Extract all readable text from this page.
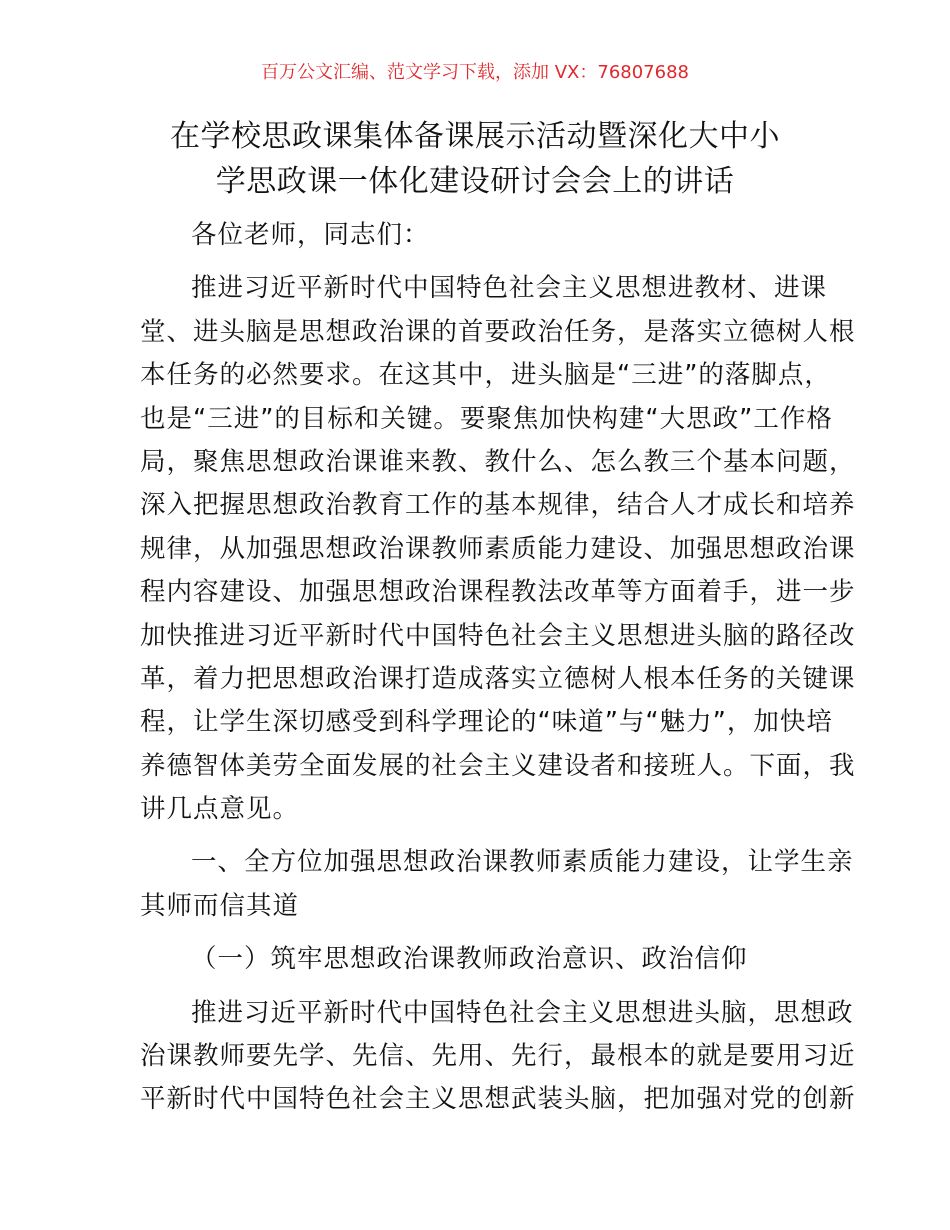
百万公文汇编、范文学习下载，添加 VX：76807688
在学校思政课集体备课展示活动暨深化大中小
学思政课一体化建设研讨会会上的讲话
各位老师，同志们：
推进习近平新时代中国特色社会主义思想进教材、进课
堂、进头脑是思想政治课的首要政治任务，是落实立德树人根
本任务的必然要求。在这其中，进头脑是“三进”的落脚点，
也是“三进”的目标和关键。要聚焦加快构建“大思政”工作格
局，聚焦思想政治课谁来教、教什么、怎么教三个基本问题，
深入把握思想政治教育工作的基本规律，结合人才成长和培养
规律，从加强思想政治课教师素质能力建设、加强思想政治课
程内容建设、加强思想政治课程教法改革等方面着手，进一步
加快推进习近平新时代中国特色社会主义思想进头脑的路径改
革，着力把思想政治课打造成落实立德树人根本任务的关键课
程，让学生深切感受到科学理论的“味道”与“魅力”，加快培
养德智体美劳全面发展的社会主义建设者和接班人。下面，我
讲几点意见。
一、全方位加强思想政治课教师素质能力建设，让学生亲
其师而信其道
（一）筑牢思想政治课教师政治意识、政治信仰
推进习近平新时代中国特色社会主义思想进头脑，思想政
治课教师要先学、先信、先用、先行，最根本的就是要用习近
平新时代中国特色社会主义思想武装头脑，把加强对党的创新
